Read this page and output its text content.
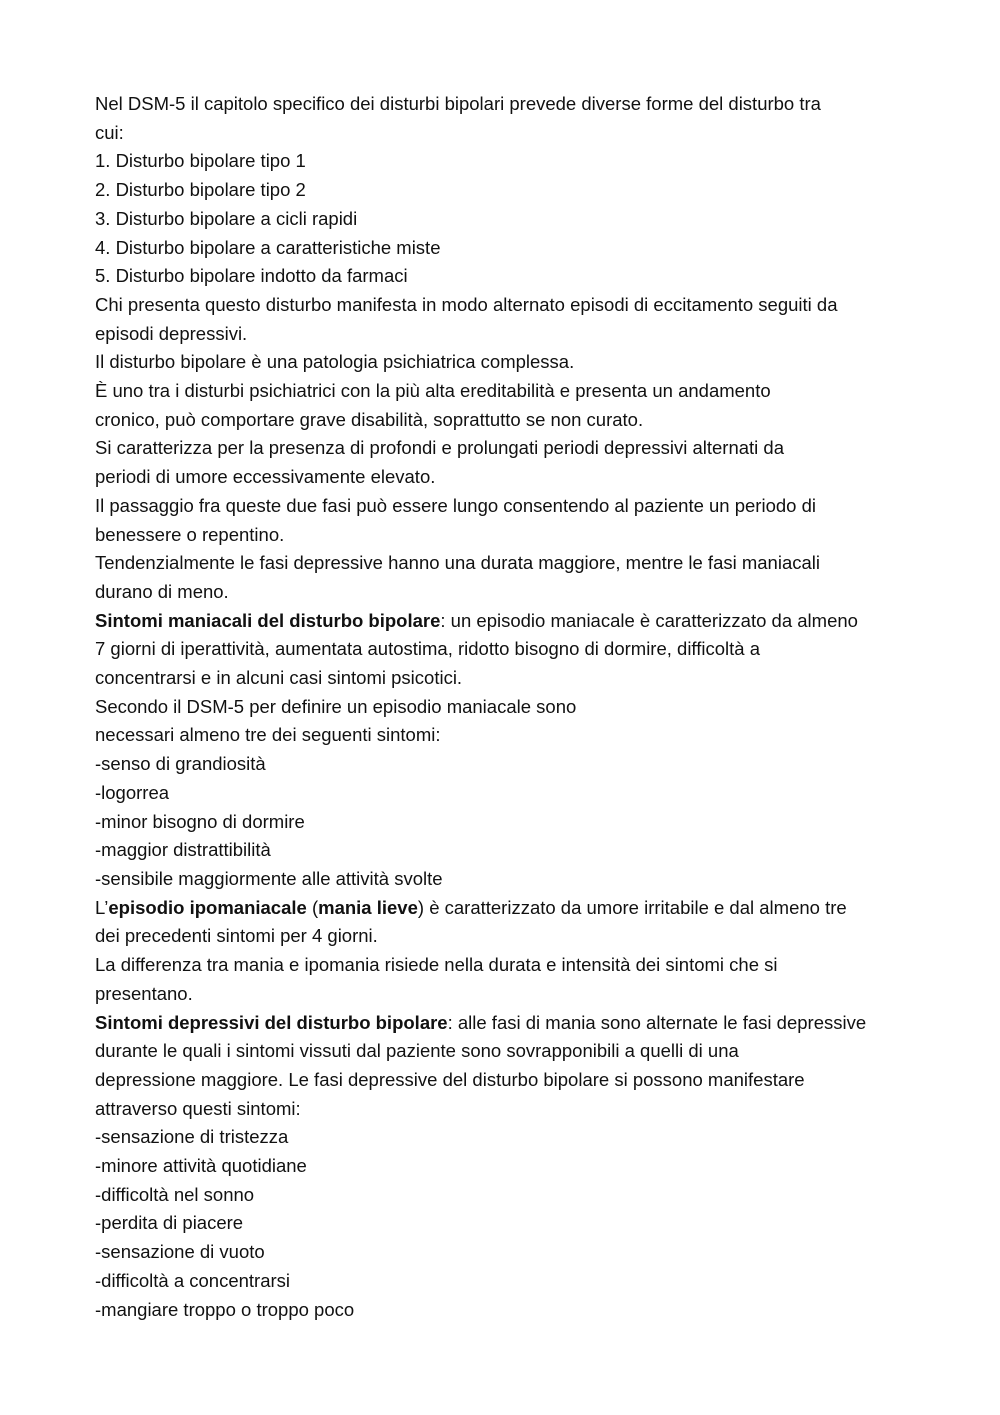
Nel DSM-5 il capitolo specifico dei disturbi bipolari prevede diverse forme del disturbo tra
cui:
1. Disturbo bipolare tipo 1
2. Disturbo bipolare tipo 2
3. Disturbo bipolare a cicli rapidi
4. Disturbo bipolare a caratteristiche miste
5. Disturbo bipolare indotto da farmaci
Chi presenta questo disturbo manifesta in modo alternato episodi di eccitamento seguiti da
episodi depressivi.
Il disturbo bipolare è una patologia psichiatrica complessa.
È uno tra i disturbi psichiatrici con la più alta ereditabilità e presenta un andamento
cronico, può comportare grave disabilità, soprattutto se non curato.
Si caratterizza per la presenza di profondi e prolungati periodi depressivi alternati da
periodi di umore eccessivamente elevato.
Il passaggio fra queste due fasi può essere lungo consentendo al paziente un periodo di
benessere o repentino.
Tendenzialmente le fasi depressive hanno una durata maggiore, mentre le fasi maniacali
durano di meno.
Sintomi maniacali del disturbo bipolare: un episodio maniacale è caratterizzato da almeno
7 giorni di iperattività, aumentata autostima, ridotto bisogno di dormire, difficoltà a
concentrarsi e in alcuni casi sintomi psicotici.
Secondo il DSM-5 per definire un episodio maniacale sono
necessari almeno tre dei seguenti sintomi:
-senso di grandiosità
-logorrea
-minor bisogno di dormire
-maggior distrattibilità
-sensibile maggiormente alle attività svolte
L’episodio ipomaniacale (mania lieve) è caratterizzato da umore irritabile e dal almeno tre
dei precedenti sintomi per 4 giorni.
La differenza tra mania e ipomania risiede nella durata e intensità dei sintomi che si
presentano.
Sintomi depressivi del disturbo bipolare: alle fasi di mania sono alternate le fasi depressive
durante le quali i sintomi vissuti dal paziente sono sovrapponibili a quelli di una
depressione maggiore. Le fasi depressive del disturbo bipolare si possono manifestare
attraverso questi sintomi:
-sensazione di tristezza
-minore attività quotidiane
-difficoltà nel sonno
-perdita di piacere
-sensazione di vuoto
-difficoltà a concentrarsi
-mangiare troppo o troppo poco
